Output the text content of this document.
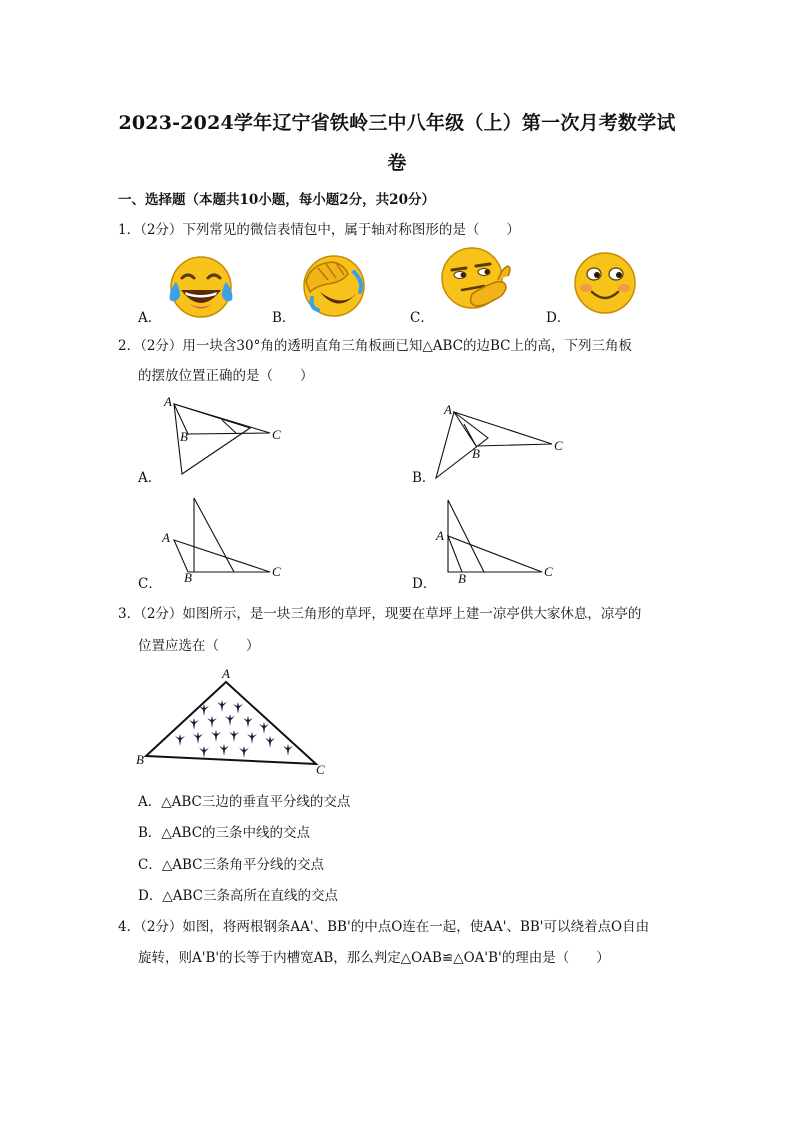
2023-2024学年辽宁省铁岭三中八年级（上）第一次月考数学试
卷
一、选择题（本题共10小题，每小题2分，共20分）
1．（2分）下列常见的微信表情包中，属于轴对称图形的是（　　）
A．	B．	C．	D．
2．（2分）用一块含30°角的透明直角三角板画已知△ABC的边BC上的高，下列三角板
的摆放位置正确的是（　　）
A
B	C
A．
A
B
C
B．
A
B	C
C．
A
B	C
D．
3．（2分）如图所示，是一块三角形的草坪，现要在草坪上建一凉亭供大家休息，凉亭的
位置应选在（　　）
A
B
C
A．△ABC三边的垂直平分线的交点
B．△ABC的三条中线的交点
C．△ABC三条角平分线的交点
D．△ABC三条高所在直线的交点
4．（2分）如图，将两根钢条AA'、BB'的中点O连在一起，使AA'、BB'可以绕着点O自由
旋转，则A'B'的长等于内槽宽AB，那么判定△OAB≌△OA'B'的理由是（　　）
